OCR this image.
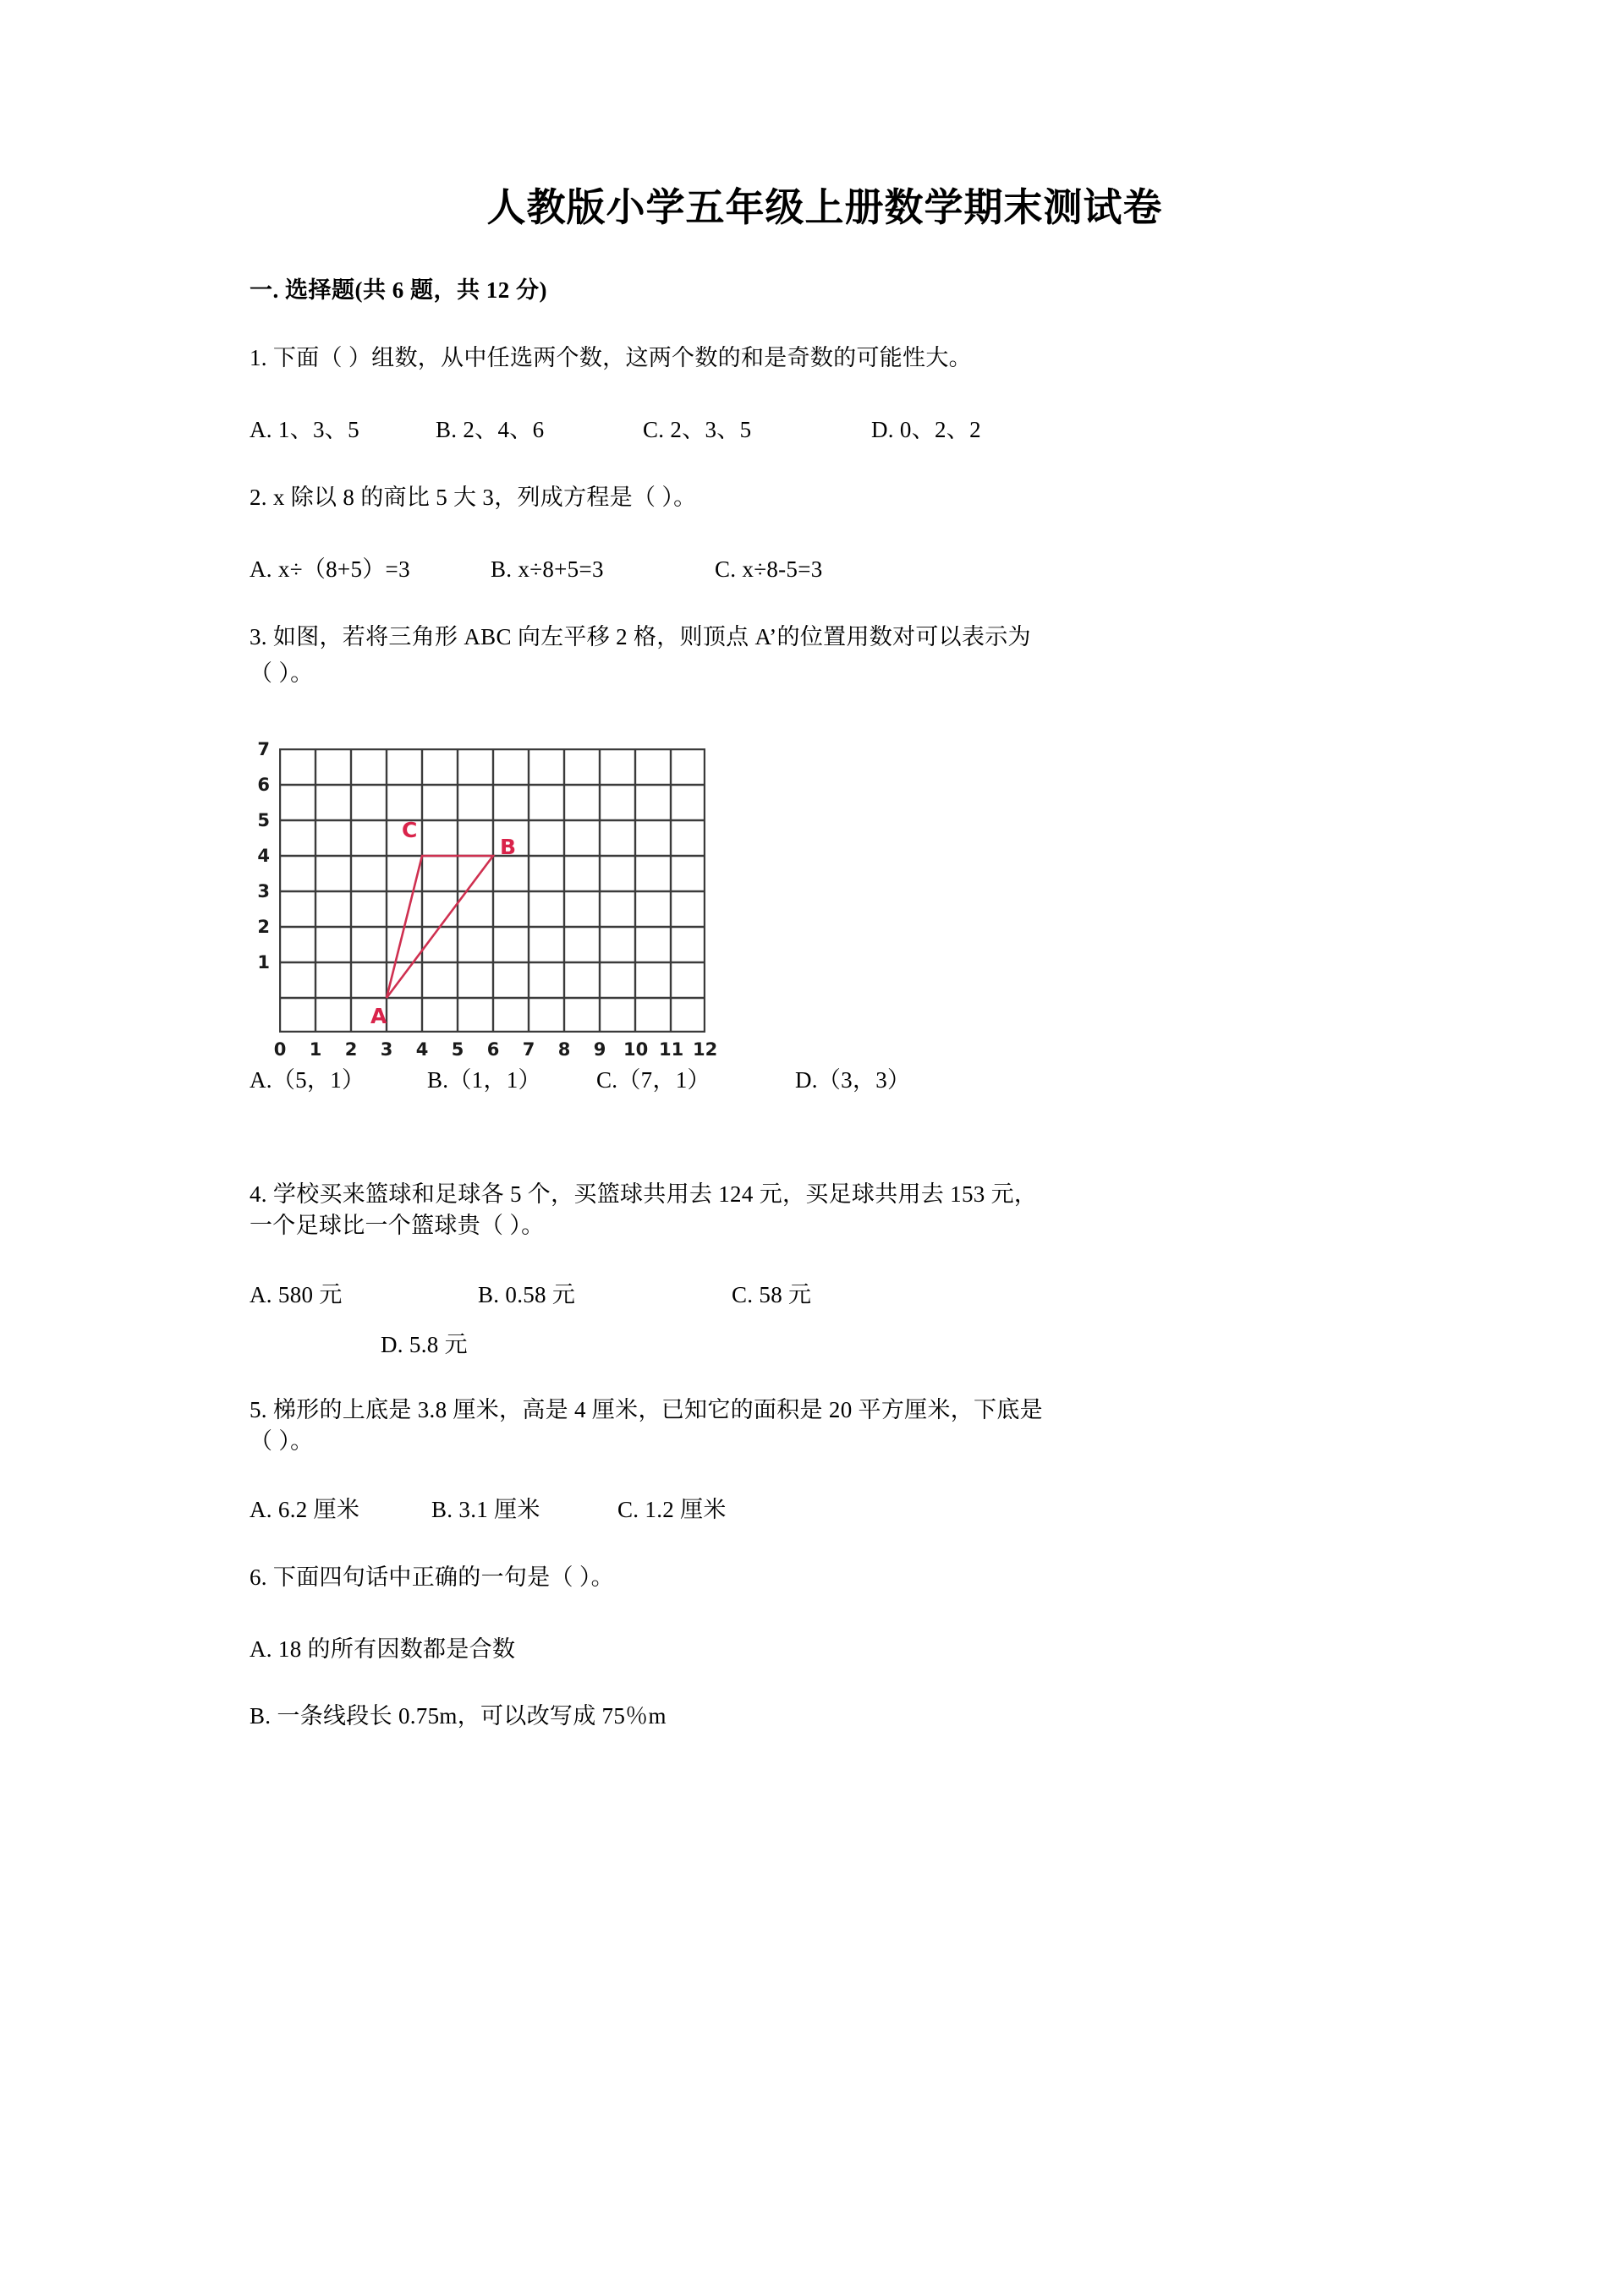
人教版小学五年级上册数学期末测试卷
一. 选择题(共 6 题，共 12 分)
1. 下面（ ）组数，从中任选两个数，这两个数的和是奇数的可能性大。
A. 1、3、5	B. 2、4、6	C. 2、3、5	D. 0、2、2
2. x 除以 8 的商比 5 大 3，列成方程是（ ）。
A. x÷（8+5）=3	B. x÷8+5=3	C. x÷8-5=3
3. 如图，若将三角形 ABC 向左平移 2 格，则顶点 A’的位置用数对可以表示为
（ ）。
7
6
5
4
3
2
1
0	1	2	3	4	5	6	7	8	9 10 11 12
C
B
A
A.（5，1）	B.（1，1） C.（7，1）	D.（3，3）
4. 学校买来篮球和足球各 5 个，买篮球共用去 124 元，买足球共用去 153 元，
一个足球比一个篮球贵（ ）。
A. 580 元	B. 0.58 元	C. 58 元
D. 5.8 元
5. 梯形的上底是 3.8 厘米，高是 4 厘米，已知它的面积是 20 平方厘米，下底是
（ ）。
A. 6.2 厘米	B. 3.1 厘米	C. 1.2 厘米
6. 下面四句话中正确的一句是（ ）。
A. 18 的所有因数都是合数
B. 一条线段长 0.75m，可以改写成 75％m
